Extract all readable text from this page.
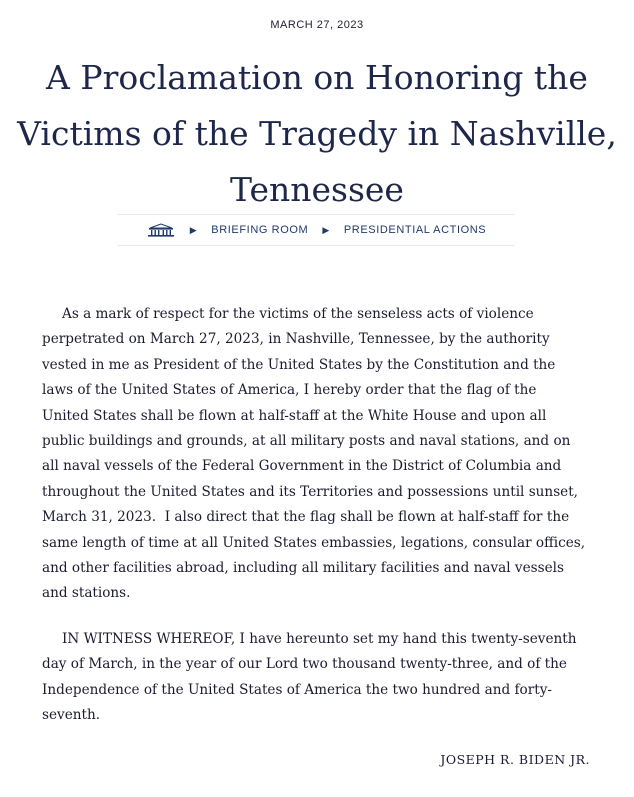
MARCH 27, 2023
A Proclamation on Honoring the Victims of the Tragedy in Nashville, Tennessee
▶ BRIEFING ROOM ▶ PRESIDENTIAL ACTIONS

As a mark of respect for the victims of the senseless acts of violence
perpetrated on March 27, 2023, in Nashville, Tennessee, by the authority
vested in me as President of the United States by the Constitution and the
laws of the United States of America, I hereby order that the flag of the
United States shall be flown at half-staff at the White House and upon all
public buildings and grounds, at all military posts and naval stations, and on
all naval vessels of the Federal Government in the District of Columbia and
throughout the United States and its Territories and possessions until sunset,
March 31, 2023.  I also direct that the flag shall be flown at half-staff for the
same length of time at all United States embassies, legations, consular offices,
and other facilities abroad, including all military facilities and naval vessels
and stations.

IN WITNESS WHEREOF, I have hereunto set my hand this twenty-seventh
day of March, in the year of our Lord two thousand twenty-three, and of the
Independence of the United States of America the two hundred and forty-
seventh.

JOSEPH R. BIDEN JR.
